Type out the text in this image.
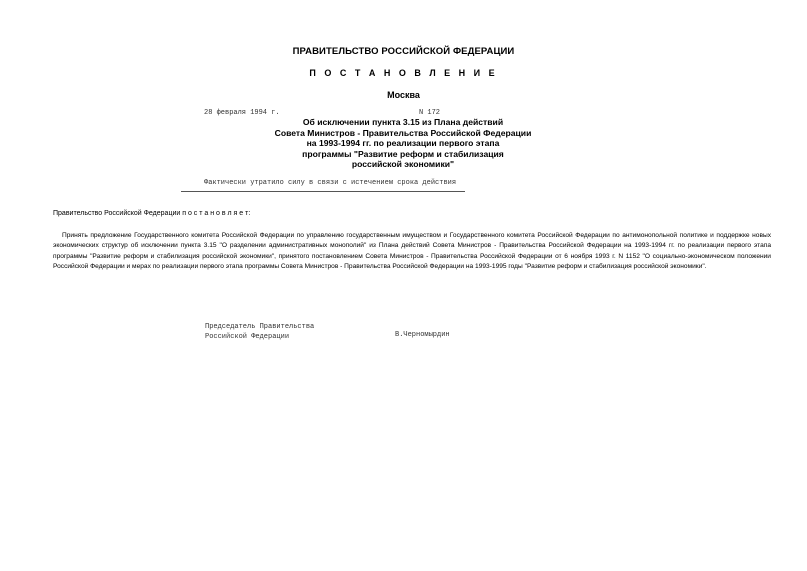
ПРАВИТЕЛЬСТВО РОССИЙСКОЙ ФЕДЕРАЦИИ
П О С Т А Н О В Л Е Н И Е
Москва
28 февраля 1994 г.	N 172
Об исключении пункта 3.15 из Плана действий
Совета Министров - Правительства Российской Федерации
на 1993-1994 гг. по реализации первого этапа
программы "Развитие реформ и стабилизация
российской экономики"
Фактически утратило силу в связи с истечением срока действия
Правительство Российской Федерации п о с т а н о в л я е т:
Принять предложение Государственного комитета Российской Федерации по управлению государственным имуществом и Государственного комитета Российской Федерации по антимонопольной политике и поддержке новых экономических структур об исключении пункта 3.15 "О разделении административных монополий" из Плана действий Совета Министров - Правительства Российской Федерации на 1993-1994 гг. по реализации первого этапа программы "Развитие реформ и стабилизация российской экономики", принятого постановлением Совета Министров - Правительства Российской Федерации от 6 ноября 1993 г. N 1152 "О социально-экономическом положении Российской Федерации и мерах по реализации первого этапа программы Совета Министров - Правительства Российской Федерации на 1993-1995 годы "Развитие реформ и стабилизация российской экономики".
Председатель Правительства
Российской Федерации	В.Черномырдин
